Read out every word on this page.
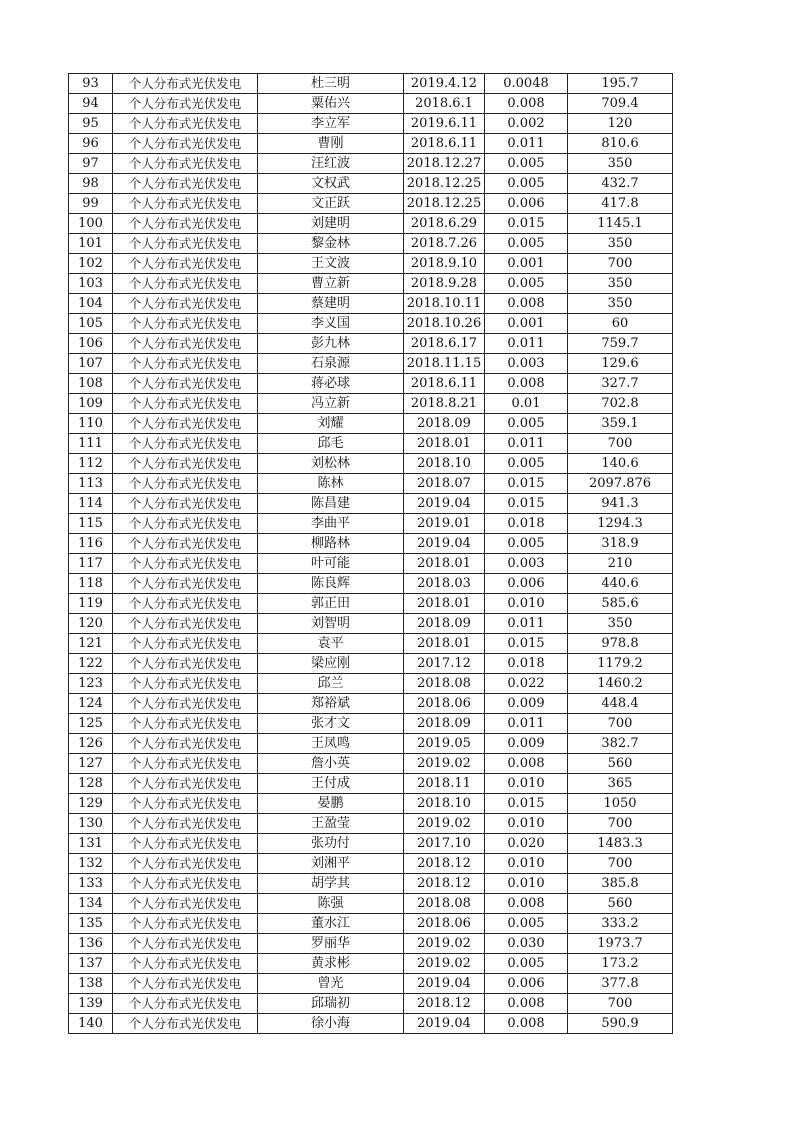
93	个人分布式光伏发电	杜三明	2019.4.12	0.0048	195.7
94	个人分布式光伏发电	粟佑兴	2018.6.1	0.008	709.4
95	个人分布式光伏发电	李立军	2019.6.11	0.002	120
96	个人分布式光伏发电	曹刚	2018.6.11	0.011	810.6
97	个人分布式光伏发电	汪红波	2018.12.27	0.005	350
98	个人分布式光伏发电	文权武	2018.12.25	0.005	432.7
99	个人分布式光伏发电	文正跃	2018.12.25	0.006	417.8
100	个人分布式光伏发电	刘建明	2018.6.29	0.015	1145.1
101	个人分布式光伏发电	黎金林	2018.7.26	0.005	350
102	个人分布式光伏发电	王文波	2018.9.10	0.001	700
103	个人分布式光伏发电	曹立新	2018.9.28	0.005	350
104	个人分布式光伏发电	蔡建明	2018.10.11	0.008	350
105	个人分布式光伏发电	李义国	2018.10.26	0.001	60
106	个人分布式光伏发电	彭九林	2018.6.17	0.011	759.7
107	个人分布式光伏发电	石泉源	2018.11.15	0.003	129.6
108	个人分布式光伏发电	蒋必球	2018.6.11	0.008	327.7
109	个人分布式光伏发电	冯立新	2018.8.21	0.01	702.8
110	个人分布式光伏发电	刘耀	2018.09	0.005	359.1
111	个人分布式光伏发电	邱毛	2018.01	0.011	700
112	个人分布式光伏发电	刘松林	2018.10	0.005	140.6
113	个人分布式光伏发电	陈林	2018.07	0.015	2097.876
114	个人分布式光伏发电	陈昌建	2019.04	0.015	941.3
115	个人分布式光伏发电	李曲平	2019.01	0.018	1294.3
116	个人分布式光伏发电	柳路林	2019.04	0.005	318.9
117	个人分布式光伏发电	叶可能	2018.01	0.003	210
118	个人分布式光伏发电	陈良辉	2018.03	0.006	440.6
119	个人分布式光伏发电	郭正田	2018.01	0.010	585.6
120	个人分布式光伏发电	刘智明	2018.09	0.011	350
121	个人分布式光伏发电	袁平	2018.01	0.015	978.8
122	个人分布式光伏发电	梁应刚	2017.12	0.018	1179.2
123	个人分布式光伏发电	邱兰	2018.08	0.022	1460.2
124	个人分布式光伏发电	郑裕斌	2018.06	0.009	448.4
125	个人分布式光伏发电	张才文	2018.09	0.011	700
126	个人分布式光伏发电	王凤鸣	2019.05	0.009	382.7
127	个人分布式光伏发电	詹小英	2019.02	0.008	560
128	个人分布式光伏发电	王付成	2018.11	0.010	365
129	个人分布式光伏发电	晏鹏	2018.10	0.015	1050
130	个人分布式光伏发电	王盈莹	2019.02	0.010	700
131	个人分布式光伏发电	张功付	2017.10	0.020	1483.3
132	个人分布式光伏发电	刘湘平	2018.12	0.010	700
133	个人分布式光伏发电	胡学其	2018.12	0.010	385.8
134	个人分布式光伏发电	陈强	2018.08	0.008	560
135	个人分布式光伏发电	董水江	2018.06	0.005	333.2
136	个人分布式光伏发电	罗丽华	2019.02	0.030	1973.7
137	个人分布式光伏发电	黄求彬	2019.02	0.005	173.2
138	个人分布式光伏发电	曾光	2019.04	0.006	377.8
139	个人分布式光伏发电	邱瑞初	2018.12	0.008	700
140	个人分布式光伏发电	徐小海	2019.04	0.008	590.9
